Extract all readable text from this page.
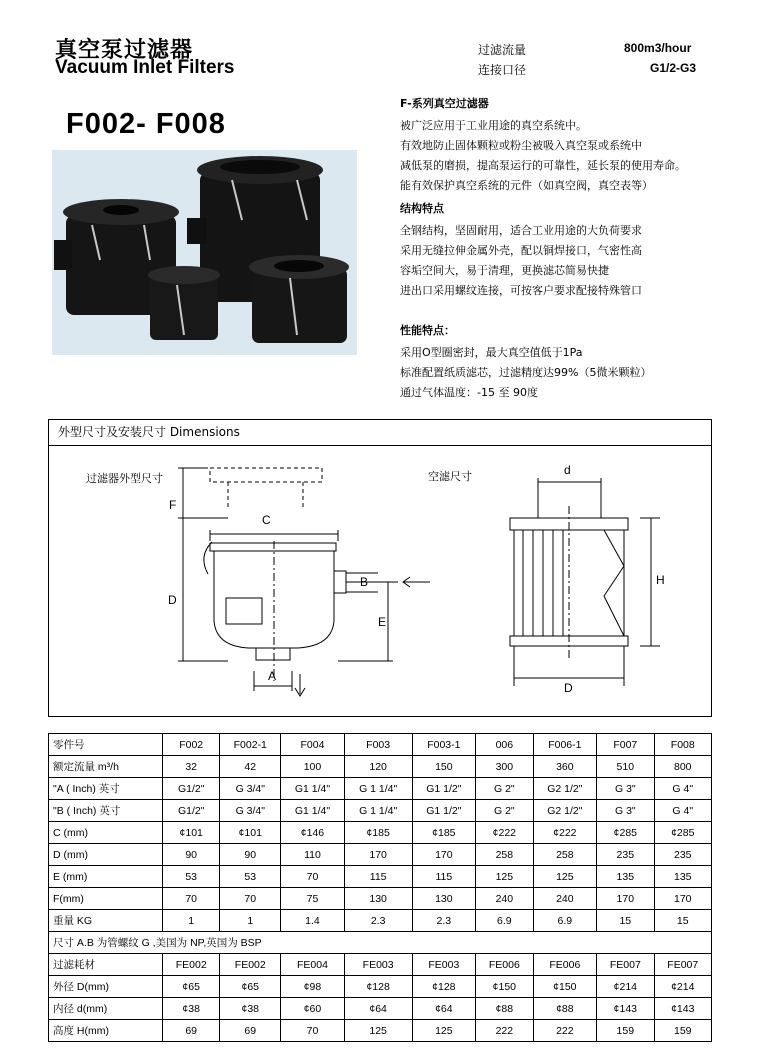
真空泵过滤器
Vacuum Inlet Filters
过滤流量	800m3/hour
连接口径	G1/2-G3
F002- F008
F-系列真空过滤器
被广泛应用于工业用途的真空系统中。
有效地防止固体颗粒或粉尘被吸入真空泵或系统中
减低泵的磨损，提高泵运行的可靠性，延长泵的使用寿命。
能有效保护真空系统的元件（如真空阀，真空表等）
结构特点
全钢结构，坚固耐用，适合工业用途的大负荷要求
采用无缝拉伸金属外壳，配以铜焊接口，气密性高
容垢空间大，易于清理，更换滤芯简易快捷
进出口采用螺纹连接，可按客户要求配接特殊管口
性能特点：
采用O型圈密封，最大真空值低于1Pa
标准配置纸质滤芯，过滤精度达99%（5微米颗粒）
通过气体温度：-15 至 90度
外型尺寸及安装尺寸 Dimensions
过滤器外型尺寸	空滤尺寸
F
C
D
B
E
A
d
H
D
零件号	F002	F002-1	F004	F003	F003-1	006	F006-1	F007	F008
额定流量 m³/h	32	42	100	120	150	300	360	510	800
"A ( Inch) 英寸	G1/2"	G 3/4"	G1 1/4"	G 1 1/4"	G1 1/2"	G 2"	G2 1/2"	G 3"	G 4"
"B ( Inch) 英寸	G1/2"	G 3/4"	G1 1/4"	G 1 1/4"	G1 1/2"	G 2"	G2 1/2"	G 3"	G 4"
C (mm)	¢101	¢101	¢146	¢185	¢185	¢222	¢222	¢285	¢285
D (mm)	90	90	110	170	170	258	258	235	235
E (mm)	53	53	70	115	115	125	125	135	135
F(mm)	70	70	75	130	130	240	240	170	170
重量 KG	1	1	1.4	2.3	2.3	6.9	6.9	15	15
尺寸 A.B 为管螺纹 G ,美国为 NP,英国为 BSP									
过滤耗材	FE002	FE002	FE004	FE003	FE003	FE006	FE006	FE007	FE007
外径 D(mm)	¢65	¢65	¢98	¢128	¢128	¢150	¢150	¢214	¢214
内径 d(mm)	¢38	¢38	¢60	¢64	¢64	¢88	¢88	¢143	¢143
高度 H(mm)	69	69	70	125	125	222	222	159	159
